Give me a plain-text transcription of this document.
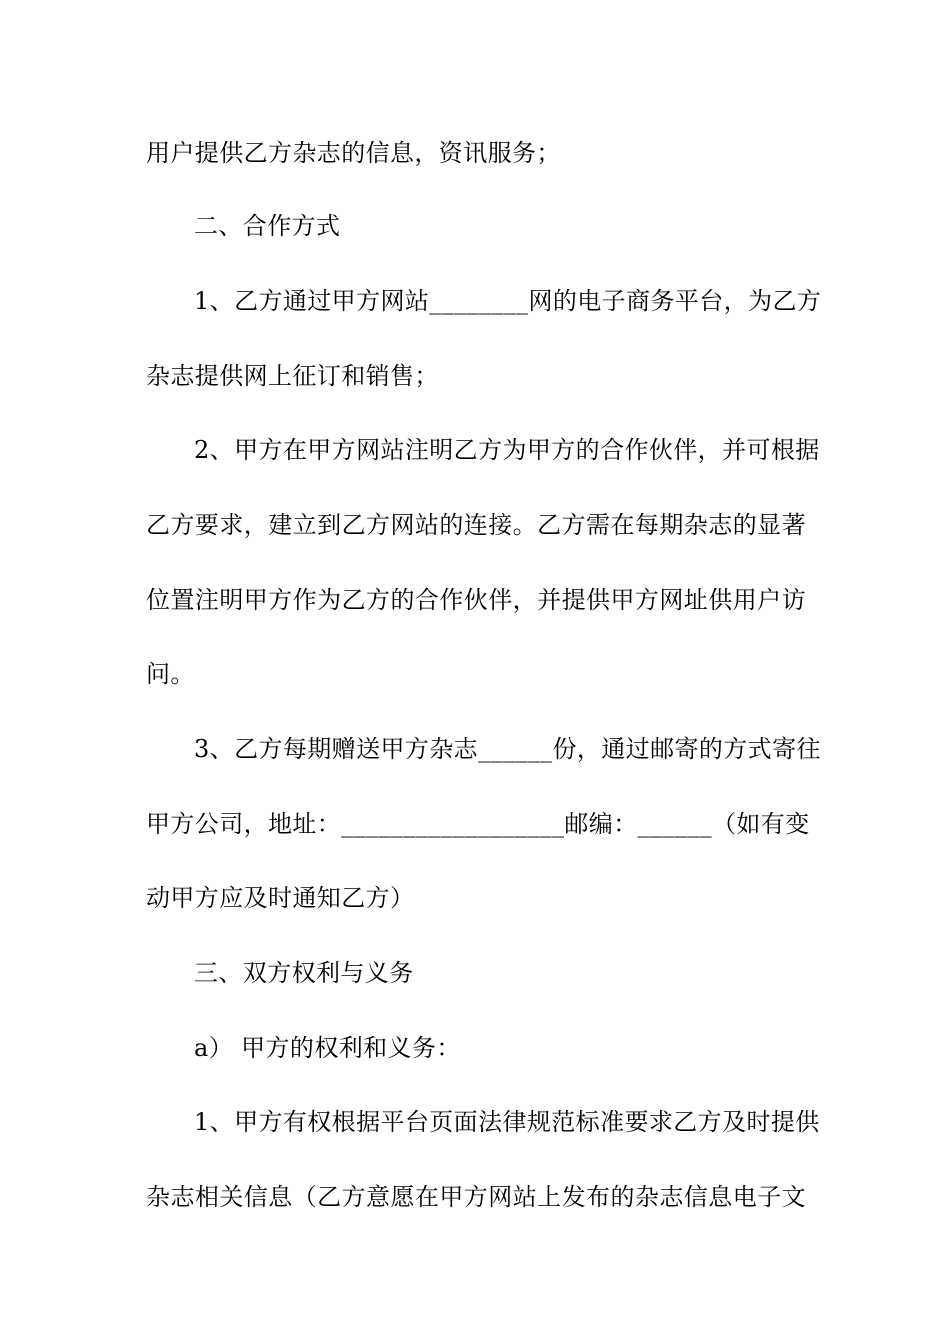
用户提供乙方杂志的信息，资讯服务；
二、合作方式
1、乙方通过甲方网站________网的电子商务平台，为乙方
杂志提供网上征订和销售；
2、甲方在甲方网站注明乙方为甲方的合作伙伴，并可根据
乙方要求，建立到乙方网站的连接。乙方需在每期杂志的显著
位置注明甲方作为乙方的合作伙伴，并提供甲方网址供用户访
问。
3、乙方每期赠送甲方杂志______份，通过邮寄的方式寄往
甲方公司，地址：__________________邮编：______（如有变
动甲方应及时通知乙方）
三、双方权利与义务
a） 甲方的权利和义务：
1、甲方有权根据平台页面法律规范标准要求乙方及时提供
杂志相关信息（乙方意愿在甲方网站上发布的杂志信息电子文
